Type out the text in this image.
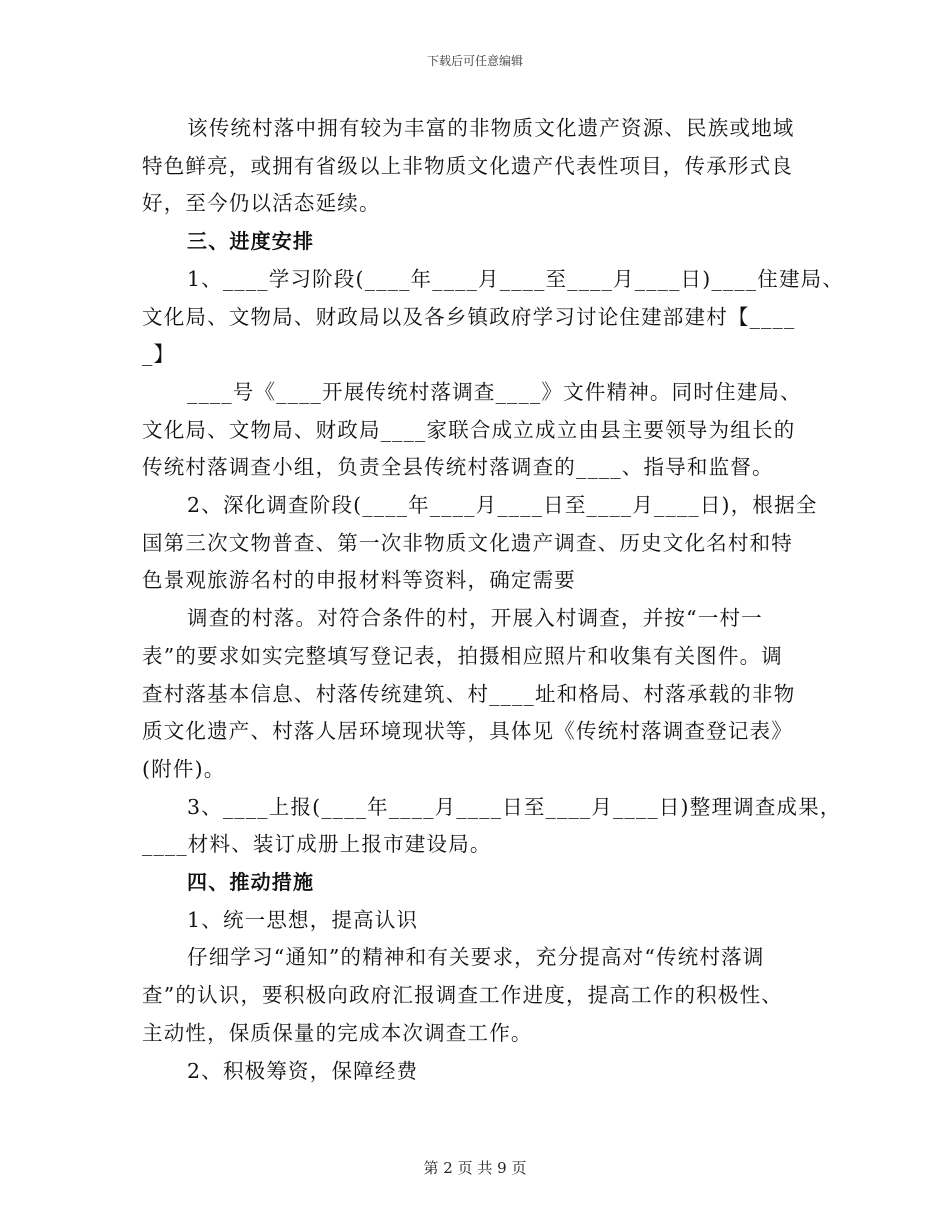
下载后可任意编辑
该传统村落中拥有较为丰富的非物质文化遗产资源、民族或地域
特色鲜亮，或拥有省级以上非物质文化遗产代表性项目，传承形式良
好，至今仍以活态延续。
三、进度安排
1、____学习阶段(____年____月____至____月____日)____住建局、
文化局、文物局、财政局以及各乡镇政府学习讨论住建部建村【____
_】
____号《____开展传统村落调查____》文件精神。同时住建局、
文化局、文物局、财政局____家联合成立成立由县主要领导为组长的
传统村落调查小组，负责全县传统村落调查的____、指导和监督。
2、深化调查阶段(____年____月____日至____月____日)，根据全
国第三次文物普查、第一次非物质文化遗产调查、历史文化名村和特
色景观旅游名村的申报材料等资料，确定需要
调查的村落。对符合条件的村，开展入村调查，并按“一村一
表”的要求如实完整填写登记表，拍摄相应照片和收集有关图件。调
查村落基本信息、村落传统建筑、村____址和格局、村落承载的非物
质文化遗产、村落人居环境现状等，具体见《传统村落调查登记表》
(附件)。
3、____上报(____年____月____日至____月____日)整理调查成果，
____材料、装订成册上报市建设局。
四、推动措施
1、统一思想，提高认识
仔细学习“通知”的精神和有关要求，充分提高对“传统村落调
查”的认识，要积极向政府汇报调查工作进度，提高工作的积极性、
主动性，保质保量的完成本次调查工作。
2、积极筹资，保障经费
第 2 页 共 9 页
